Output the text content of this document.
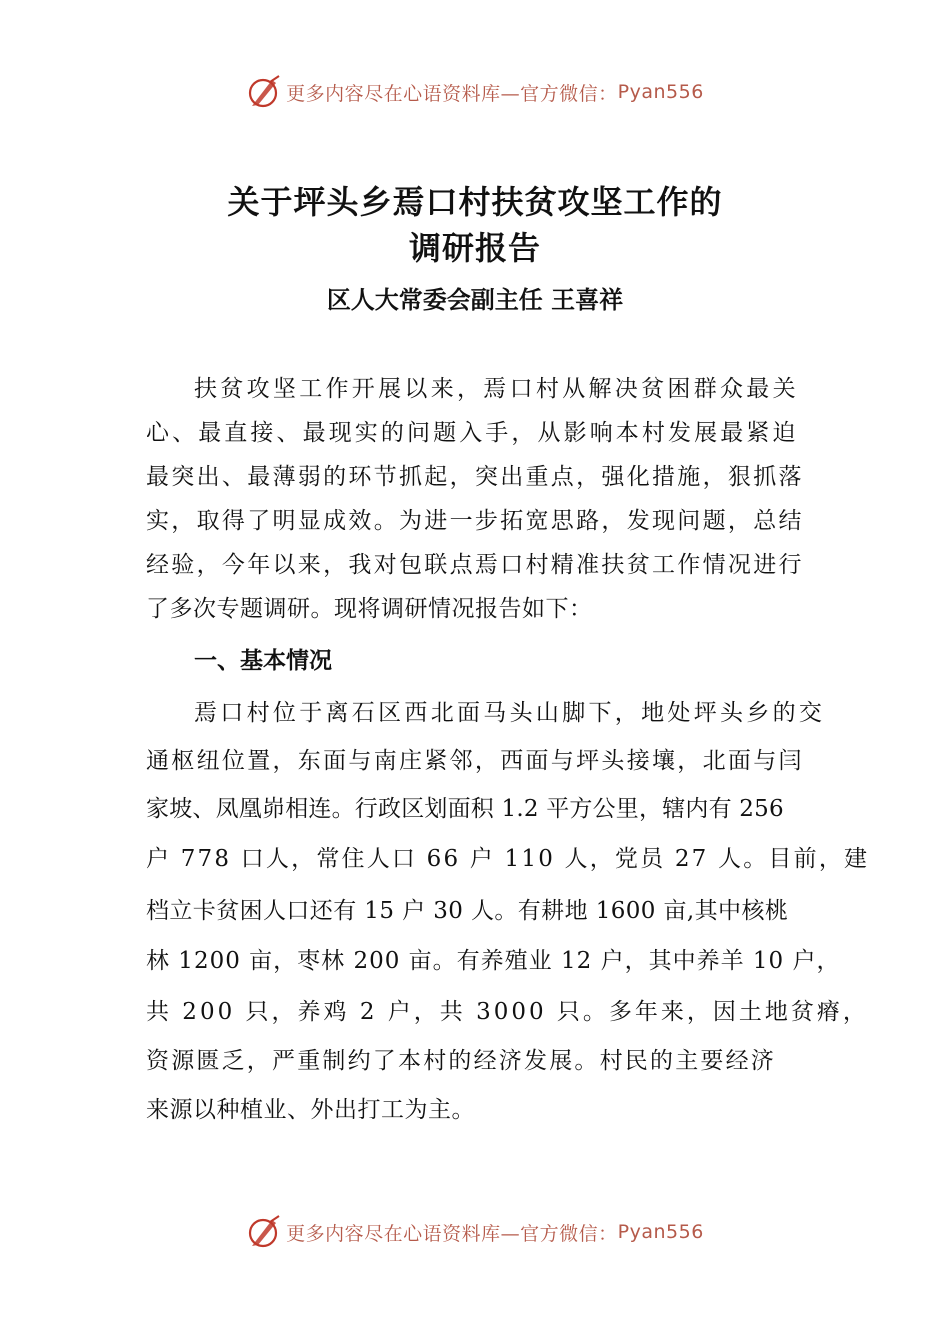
更多内容尽在心语资料库—官方微信： Pyan556
关于坪头乡焉口村扶贫攻坚工作的
调研报告
区人大常委会副主任 王喜祥
扶贫攻坚工作开展以来，焉口村从解决贫困群众最关
心、最直接、最现实的问题入手，从影响本村发展最紧迫
最突出、最薄弱的环节抓起，突出重点，强化措施，狠抓落
实，取得了明显成效。为进一步拓宽思路，发现问题，总结
经验，今年以来，我对包联点焉口村精准扶贫工作情况进行
了多次专题调研。现将调研情况报告如下：
一、基本情况
焉口村位于离石区西北面马头山脚下，地处坪头乡的交
通枢纽位置，东面与南庄紧邻，西面与坪头接壤，北面与闫
家坡、凤凰峁相连。行政区划面积 1.2 平方公里，辖内有 256
户 778 口人，常住人口 66 户 110 人，党员 27 人。目前，建
档立卡贫困人口还有 15 户 30 人。有耕地 1600 亩,其中核桃
林 1200 亩，枣林 200 亩。有养殖业 12 户，其中养羊 10 户，
共 200 只，养鸡 2 户，共 3000 只。多年来，因土地贫瘠，
资源匮乏，严重制约了本村的经济发展。村民的主要经济
来源以种植业、外出打工为主。
更多内容尽在心语资料库—官方微信： Pyan556
